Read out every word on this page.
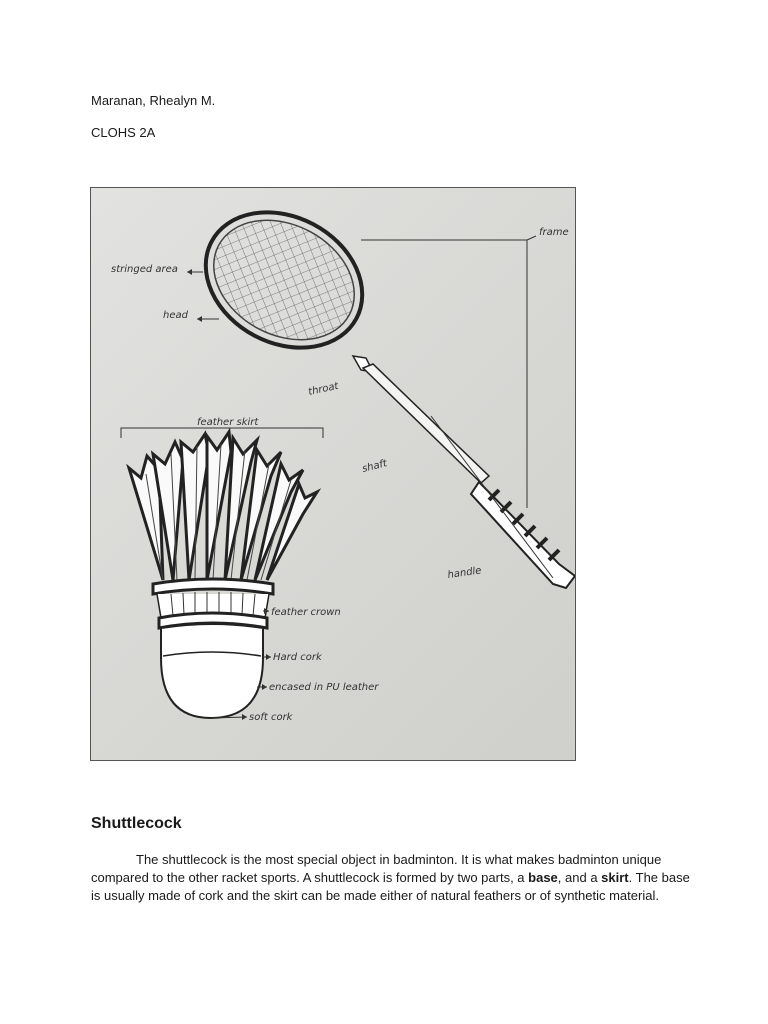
Maranan, Rhealyn M.
CLOHS 2A
stringed area
head
frame
throat
shaft
handle
feather skirt
feather crown
Hard cork
encased in PU leather
soft cork
Shuttlecock

The shuttlecock is the most special object in badminton. It is what makes badminton unique compared to the other racket sports. A shuttlecock is formed by two parts, a base, and a skirt. The base is usually made of cork and the skirt can be made either of natural feathers or of synthetic material.
